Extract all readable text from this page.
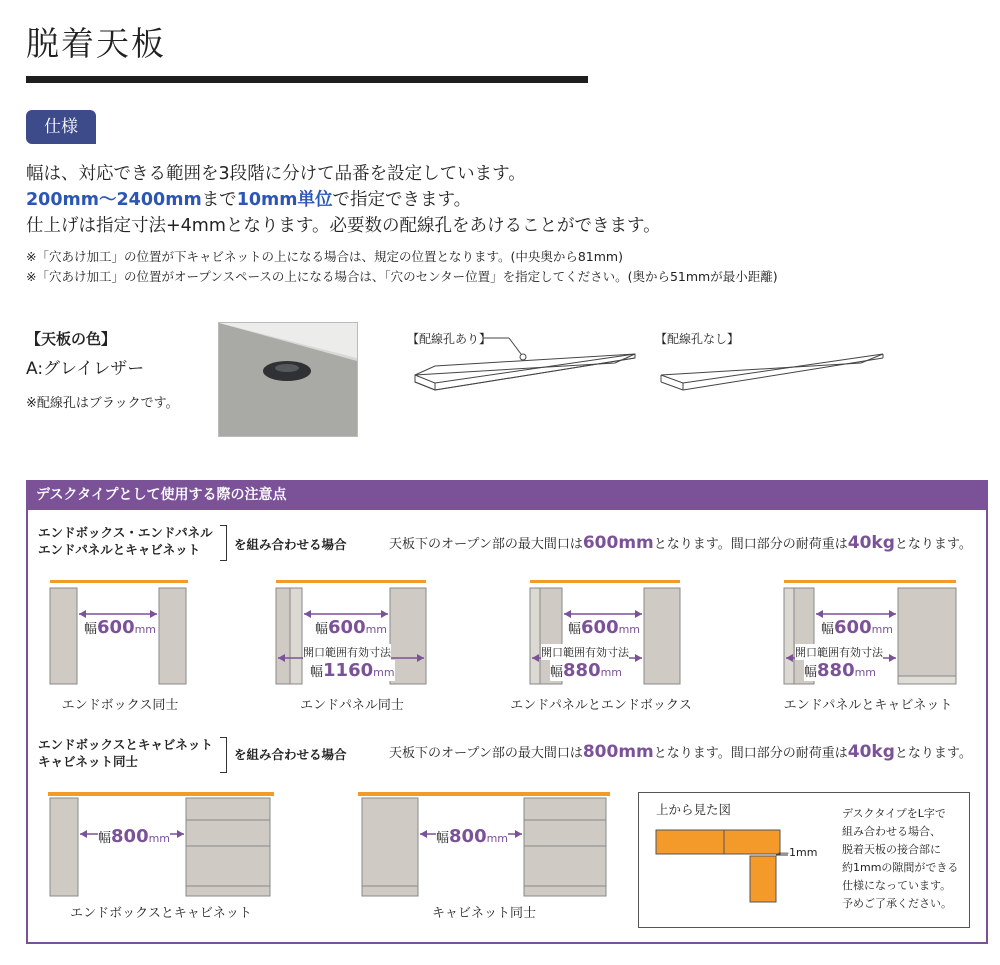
脱着天板
仕様
幅は、対応できる範囲を3段階に分けて品番を設定しています。
200mm〜2400mmまで10mm単位で指定できます。
仕上げは指定寸法+4mmとなります。必要数の配線孔をあけることができます。
※「穴あけ加工」の位置が下キャビネットの上になる場合は、規定の位置となります。(中央奥から81mm)
※「穴あけ加工」の位置がオープンスペースの上になる場合は、「穴のセンター位置」を指定してください。(奥から51mmが最小距離)
【天板の色】
A:グレイレザー
※配線孔はブラックです。
【配線孔あり】	【配線孔なし】
デスクタイプとして使用する際の注意点
エンドボックス・エンドパネル
エンドパネルとキャビネット	を組み合わせる場合	天板下のオープン部の最大間口は600mmとなります。間口部分の耐荷重は40kgとなります。
幅600mm
エンドボックス同士
幅600mm
開口範囲有効寸法
幅1160mm
エンドパネル同士
幅600mm
開口範囲有効寸法
幅880mm
エンドパネルとエンドボックス
幅600mm
開口範囲有効寸法
幅880mm
エンドパネルとキャビネット
エンドボックスとキャビネット
キャビネット同士	を組み合わせる場合	天板下のオープン部の最大間口は800mmとなります。間口部分の耐荷重は40kgとなります。
幅800mm
エンドボックスとキャビネット
幅800mm
キャビネット同士
上から見た図
—1mm
デスクタイプをL字で
組み合わせる場合、
脱着天板の接合部に
約1mmの隙間ができる
仕様になっています。
予めご了承ください。
